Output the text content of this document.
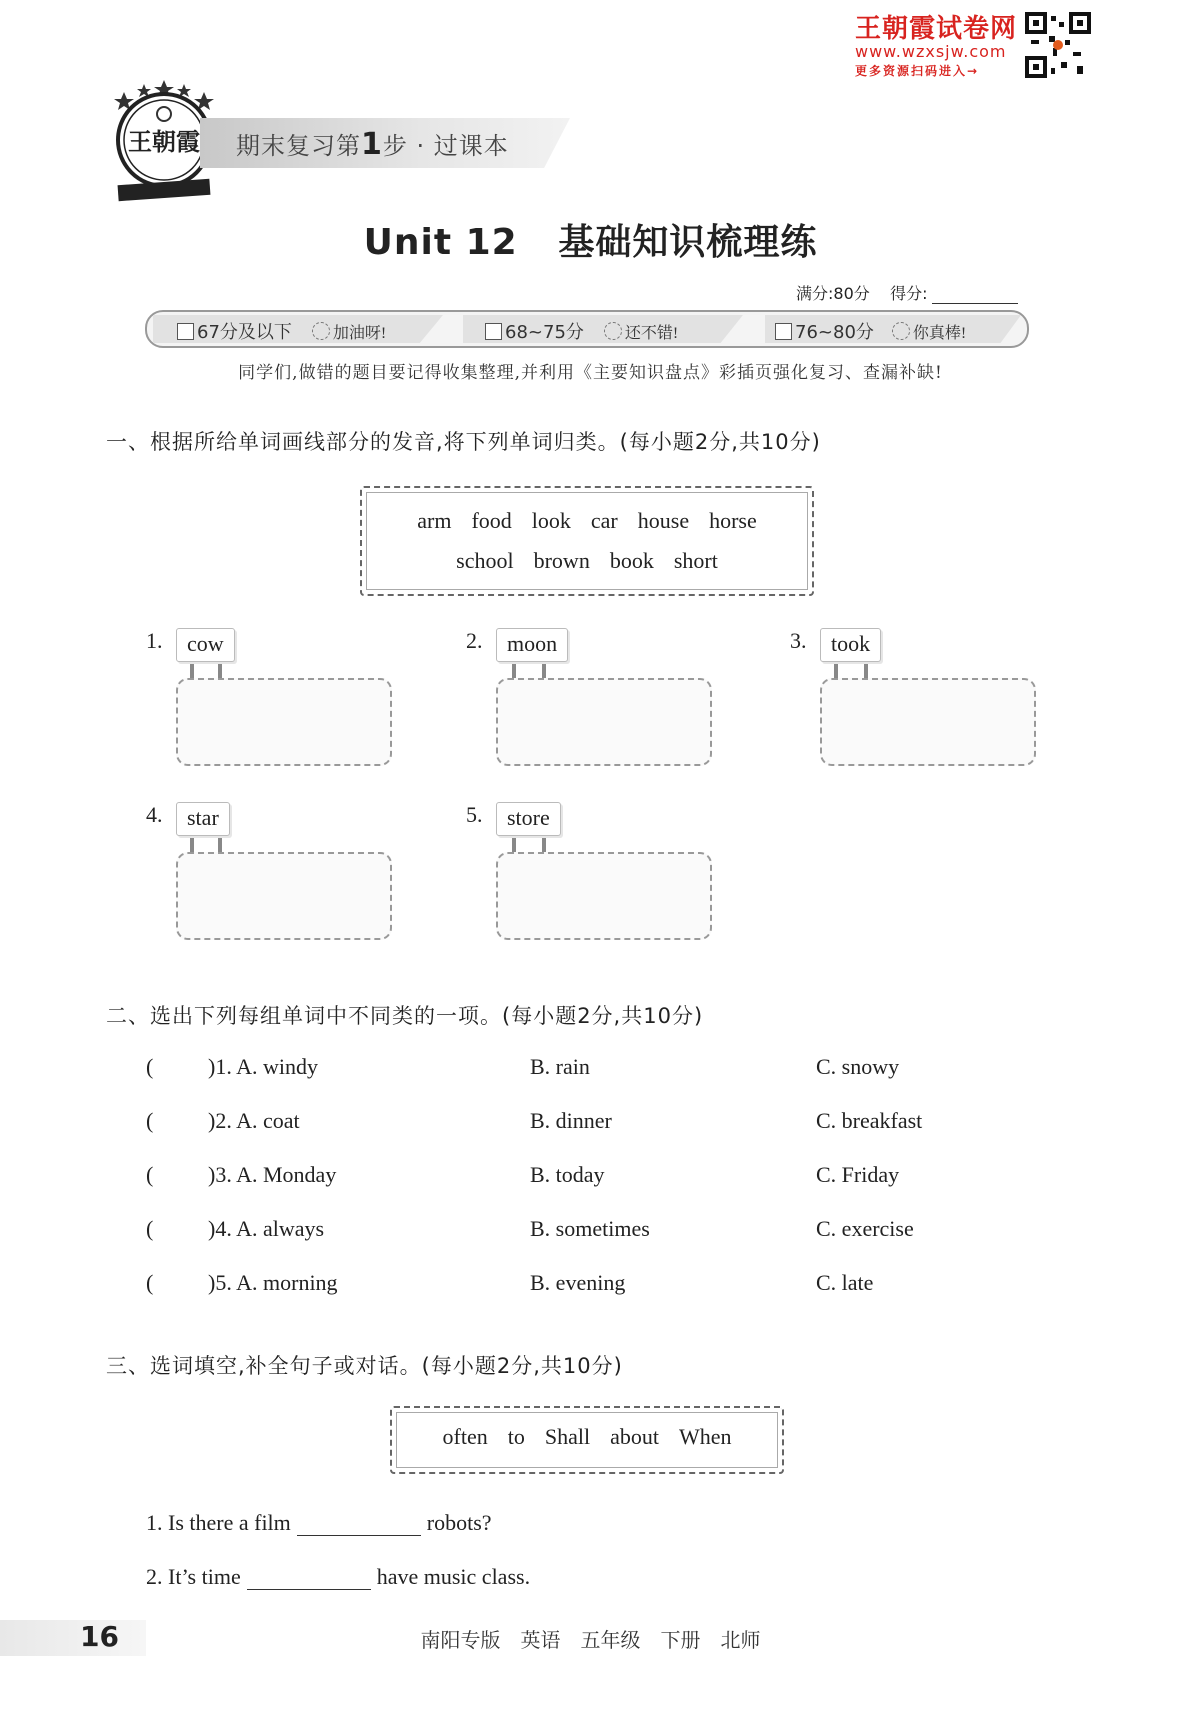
王朝霞试卷网
www.wzxsjw.com
更多资源扫码进入→
王朝霞 期末复习第1步 · 过课本
Unit 12   基础知识梳理练
满分:80分 得分:
67分及以下	加油呀!	68~75分	还不错!	76~80分 你真棒!
同学们,做错的题目要记得收集整理,并利用《主要知识盘点》彩插页强化复习、查漏补缺!
一、根据所给单词画线部分的发音,将下列单词归类。(每小题2分,共10分)
arm food look car house horse
school brown book short
1.	cow	2.	moon	3.	took
4.	star	5.	store
二、选出下列每组单词中不同类的一项。(每小题2分,共10分)
( )1. A. windy	B. rain	C. snowy
( )2. A. coat	B. dinner	C. breakfast
( )3. A. Monday	B. today	C. Friday
( )4. A. always	B. sometimes	C. exercise
( )5. A. morning	B. evening	C. late
三、选词填空,补全句子或对话。(每小题2分,共10分)
often to Shall about When
1. Is there a film	robots?
2. It’s time	have music class.
16	南阳专版 英语 五年级 下册 北师
